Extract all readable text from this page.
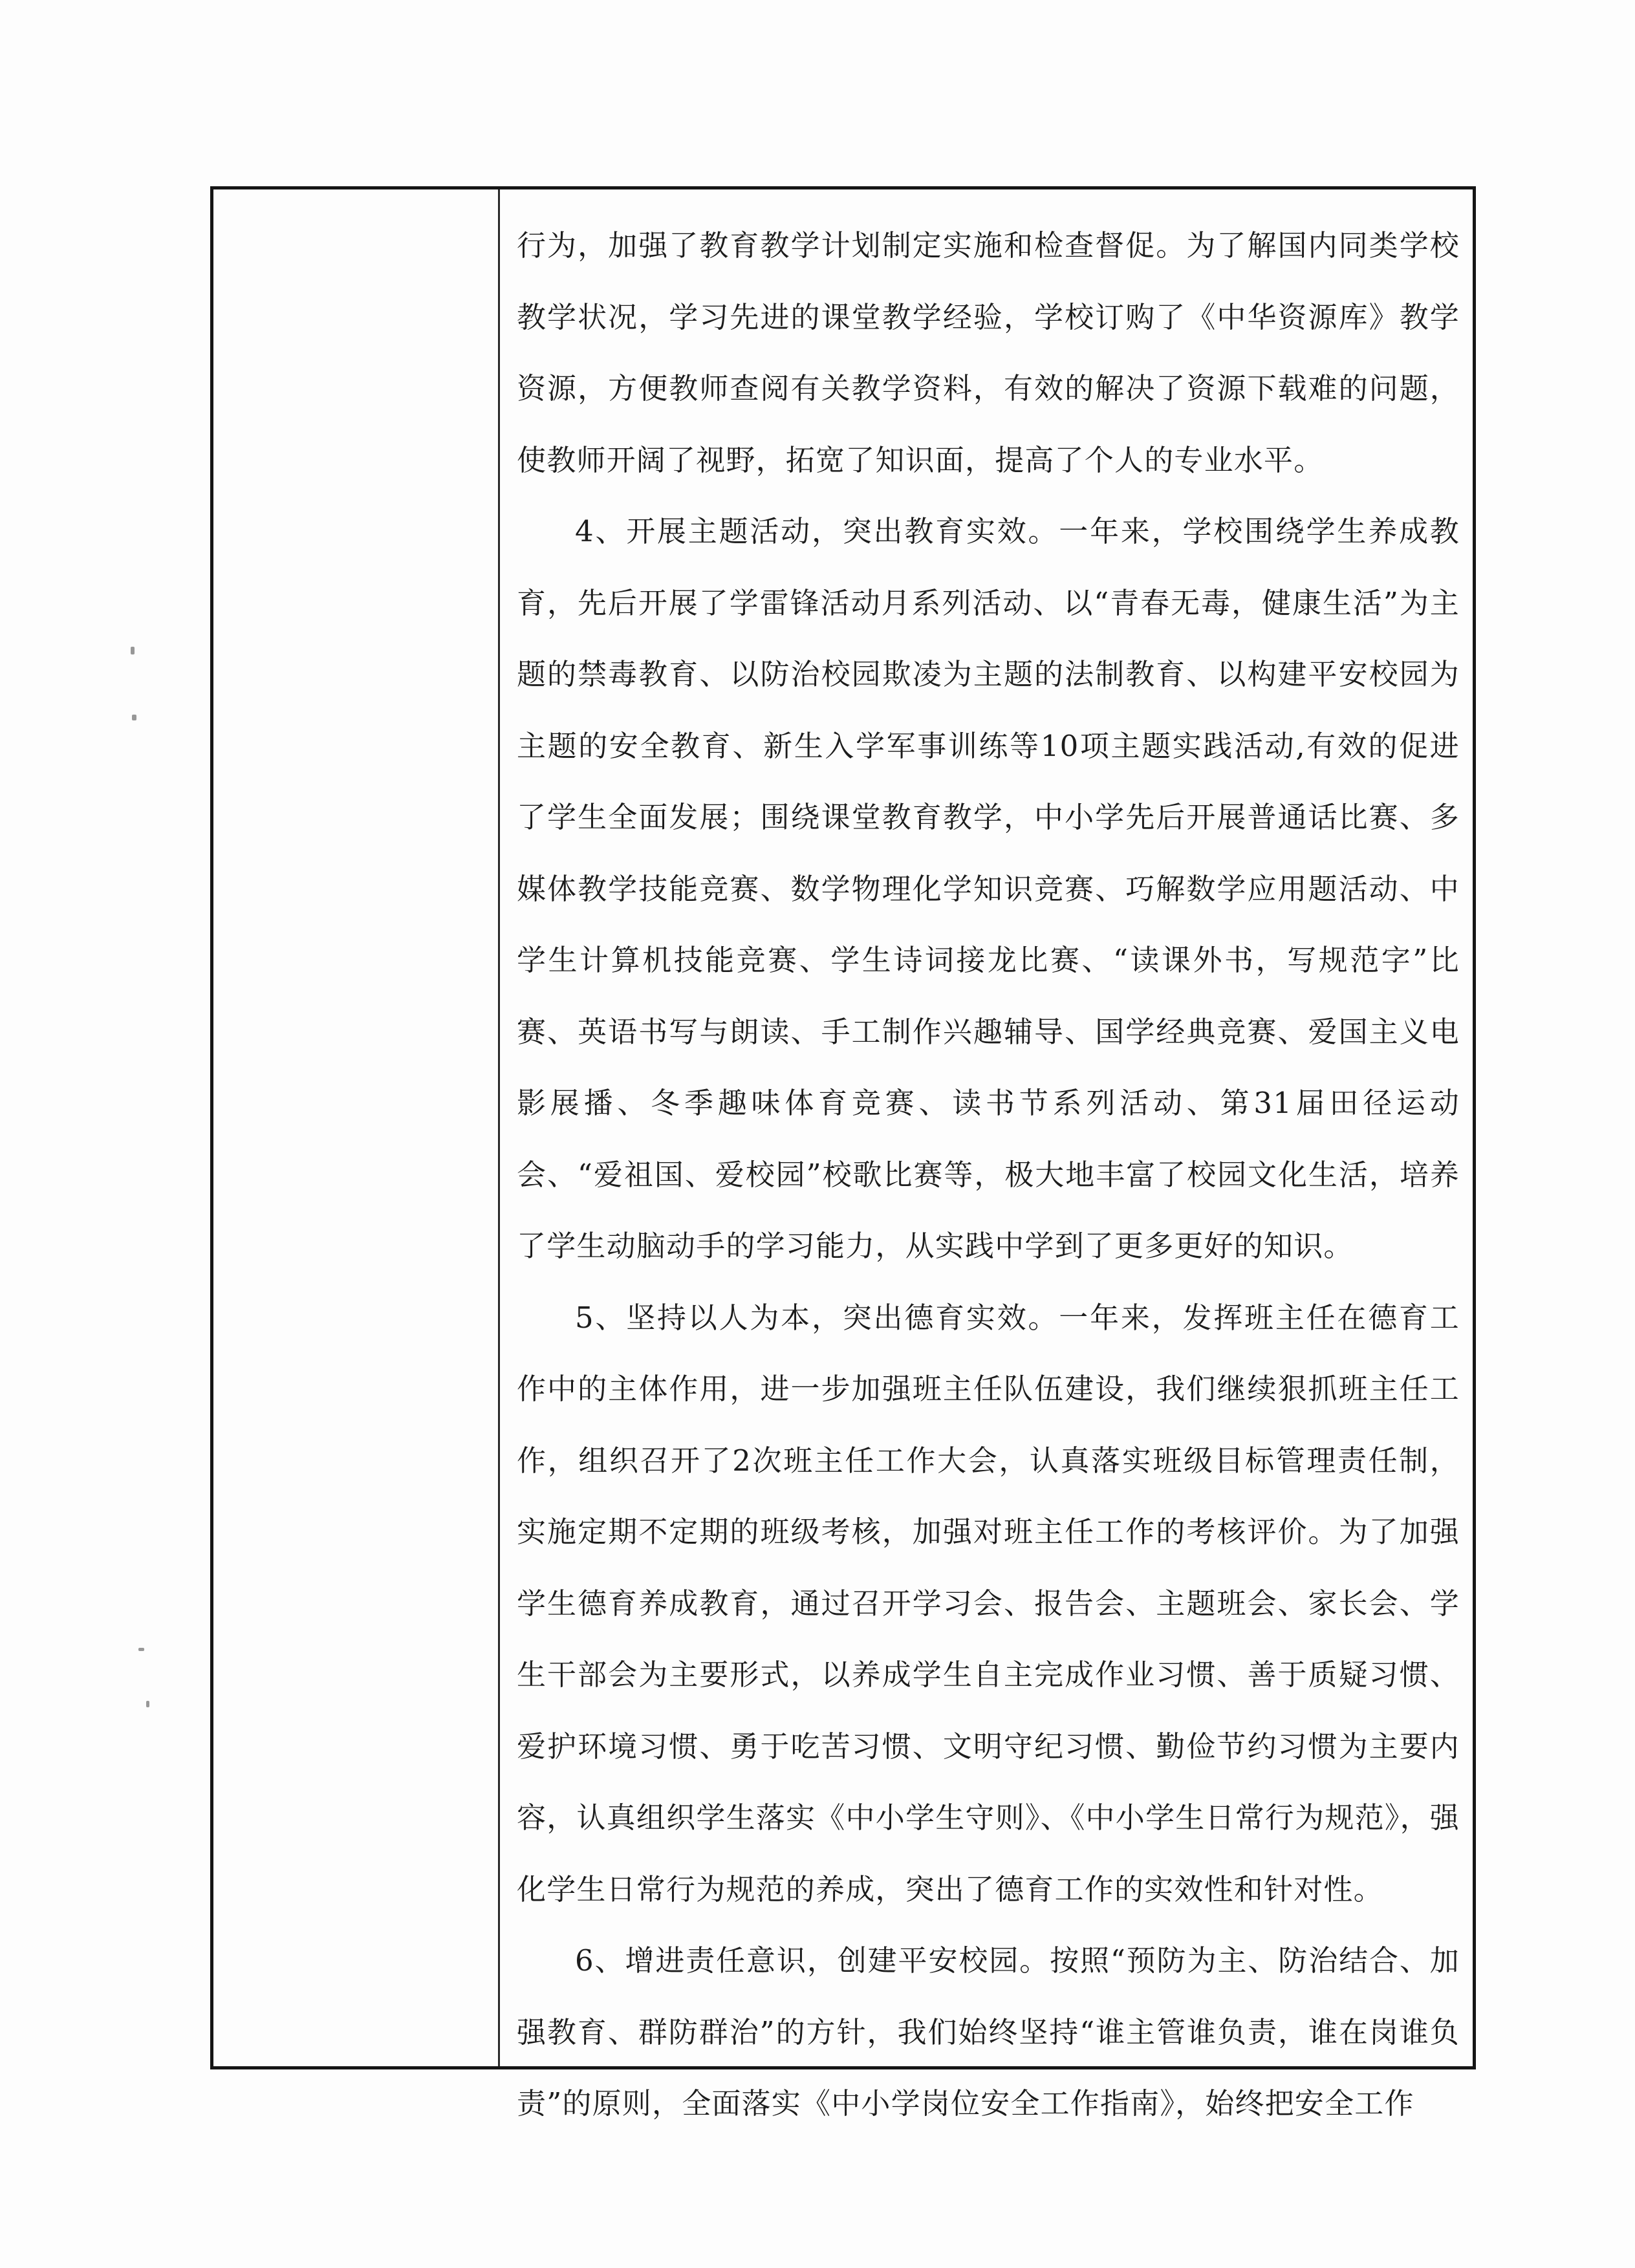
行为，加强了教育教学计划制定实施和检查督促。为了解国内同类学校教学状况，学习先进的课堂教学经验，学校订购了《中华资源库》教学资源，方便教师查阅有关教学资料，有效的解决了资源下载难的问题，使教师开阔了视野，拓宽了知识面，提高了个人的专业水平。

4、开展主题活动，突出教育实效。一年来，学校围绕学生养成教育，先后开展了学雷锋活动月系列活动、以“青春无毒，健康生活”为主题的禁毒教育、以防治校园欺凌为主题的法制教育、以构建平安校园为主题的安全教育、新生入学军事训练等10项主题实践活动,有效的促进了学生全面发展；围绕课堂教育教学，中小学先后开展普通话比赛、多媒体教学技能竞赛、数学物理化学知识竞赛、巧解数学应用题活动、中学生计算机技能竞赛、学生诗词接龙比赛、“读课外书，写规范字”比赛、英语书写与朗读、手工制作兴趣辅导、国学经典竞赛、爱国主义电影展播、冬季趣味体育竞赛、读书节系列活动、第31届田径运动会、“爱祖国、爱校园”校歌比赛等，极大地丰富了校园文化生活，培养了学生动脑动手的学习能力，从实践中学到了更多更好的知识。

5、坚持以人为本，突出德育实效。一年来，发挥班主任在德育工作中的主体作用，进一步加强班主任队伍建设，我们继续狠抓班主任工作，组织召开了2次班主任工作大会，认真落实班级目标管理责任制，实施定期不定期的班级考核，加强对班主任工作的考核评价。为了加强学生德育养成教育，通过召开学习会、报告会、主题班会、家长会、学生干部会为主要形式，以养成学生自主完成作业习惯、善于质疑习惯、爱护环境习惯、勇于吃苦习惯、文明守纪习惯、勤俭节约习惯为主要内容，认真组织学生落实《中小学生守则》、《中小学生日常行为规范》，强化学生日常行为规范的养成，突出了德育工作的实效性和针对性。

6、增进责任意识，创建平安校园。按照“预防为主、防治结合、加强教育、群防群治”的方针，我们始终坚持“谁主管谁负责，谁在岗谁负责”的原则，全面落实《中小学岗位安全工作指南》，始终把安全工作
